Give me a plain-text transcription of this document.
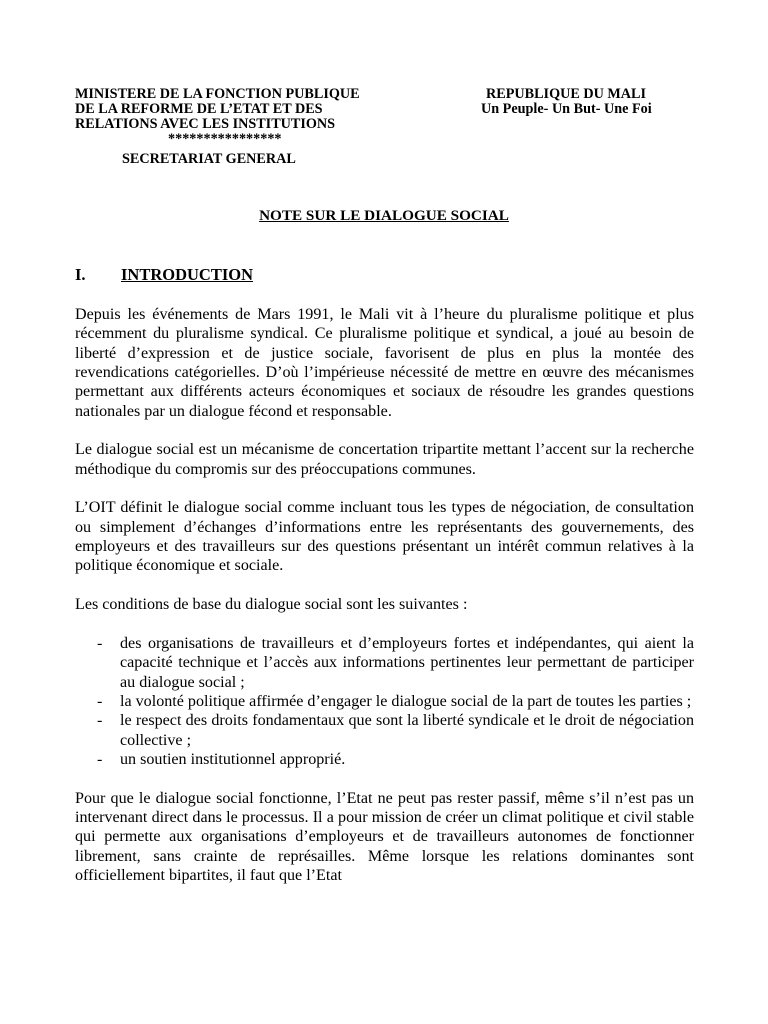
MINISTERE DE LA FONCTION PUBLIQUE
DE LA REFORME DE L’ETAT ET DES
RELATIONS AVEC LES INSTITUTIONS
****************
SECRETARIAT GENERAL
REPUBLIQUE DU MALI
Un Peuple- Un But- Une Foi
NOTE SUR LE DIALOGUE SOCIAL
I. INTRODUCTION

Depuis les événements de Mars 1991, le Mali vit à l’heure du pluralisme politique et plus récemment du pluralisme syndical. Ce pluralisme politique et syndical, a joué au besoin de liberté d’expression et de justice sociale, favorisent de plus en plus la montée des revendications catégorielles. D’où l’impérieuse nécessité de mettre en œuvre des mécanismes permettant aux différents acteurs économiques et sociaux de résoudre les grandes questions nationales par un dialogue fécond et responsable.

Le dialogue social est un mécanisme de concertation tripartite mettant l’accent sur la recherche méthodique du compromis sur des préoccupations communes.

L’OIT définit le dialogue social comme incluant tous les types de négociation, de consultation ou simplement d’échanges d’informations entre les représentants des gouvernements, des employeurs et des travailleurs sur des questions présentant un intérêt commun relatives à la politique économique et sociale.

Les conditions de base du dialogue social sont les suivantes :

- des organisations de travailleurs et d’employeurs fortes et indépendantes, qui aient la capacité technique et l’accès aux informations pertinentes leur permettant de participer au dialogue social ;
- la volonté politique affirmée d’engager le dialogue social de la part de toutes les parties ;
- le respect des droits fondamentaux que sont la liberté syndicale et le droit de négociation collective ;
- un soutien institutionnel approprié.

Pour que le dialogue social fonctionne, l’Etat ne peut pas rester passif, même s’il n’est pas un intervenant direct dans le processus. Il a pour mission de créer un climat politique et civil stable qui permette aux organisations d’employeurs et de travailleurs autonomes de fonctionner librement, sans crainte de représailles. Même lorsque les relations dominantes sont officiellement bipartites, il faut que l’Etat
